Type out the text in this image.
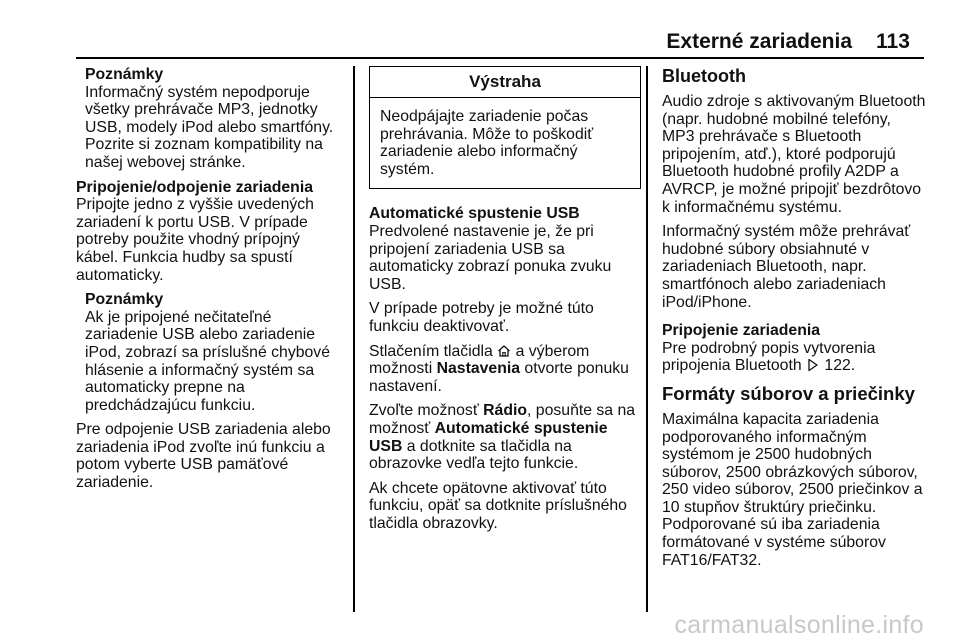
Externé zariadenia 113
Poznámky
Informačný systém nepodporuje
všetky prehrávače MP3, jednotky
USB, modely iPod alebo smartfóny.
Pozrite si zoznam kompatibility na
našej webovej stránke.
Pripojenie/odpojenie zariadenia
Pripojte jedno z vyššie uvedených
zariadení k portu USB. V prípade
potreby použite vhodný prípojný
kábel. Funkcia hudby sa spustí
automaticky.
Poznámky
Ak je pripojené nečitateľné
zariadenie USB alebo zariadenie
iPod, zobrazí sa príslušné chybové
hlásenie a informačný systém sa
automaticky prepne na
predchádzajúcu funkciu.
Pre odpojenie USB zariadenia alebo
zariadenia iPod zvoľte inú funkciu a
potom vyberte USB pamäťové
zariadenie.
Výstraha
Neodpájajte zariadenie počas
prehrávania. Môže to poškodiť
zariadenie alebo informačný
systém.
Automatické spustenie USB
Predvolené nastavenie je, že pri
pripojení zariadenia USB sa
automaticky zobrazí ponuka zvuku
USB.
V prípade potreby je možné túto
funkciu deaktivovať.
Stlačením tlačidla  a výberom
možnosti Nastavenia otvorte ponuku
nastavení.
Zvoľte možnosť Rádio, posuňte sa na
možnosť Automatické spustenie
USB a dotknite sa tlačidla na
obrazovke vedľa tejto funkcie.
Ak chcete opätovne aktivovať túto
funkciu, opäť sa dotknite príslušného
tlačidla obrazovky.
Bluetooth
Audio zdroje s aktivovaným Bluetooth
(napr. hudobné mobilné telefóny,
MP3 prehrávače s Bluetooth
pripojením, atď.), ktoré podporujú
Bluetooth hudobné profily A2DP a
AVRCP, je možné pripojiť bezdrôtovo
k informačnému systému.
Informačný systém môže prehrávať
hudobné súbory obsiahnuté v
zariadeniach Bluetooth, napr.
smartfónoch alebo zariadeniach
iPod/iPhone.
Pripojenie zariadenia
Pre podrobný popis vytvorenia
pripojenia Bluetooth  122.
Formáty súborov a priečinky
Maximálna kapacita zariadenia
podporovaného informačným
systémom je 2500 hudobných
súborov, 2500 obrázkových súborov,
250 video súborov, 2500 priečinkov a
10 stupňov štruktúry priečinku.
Podporované sú iba zariadenia
formátované v systéme súborov
FAT16/FAT32.
carmanualsonline.info
